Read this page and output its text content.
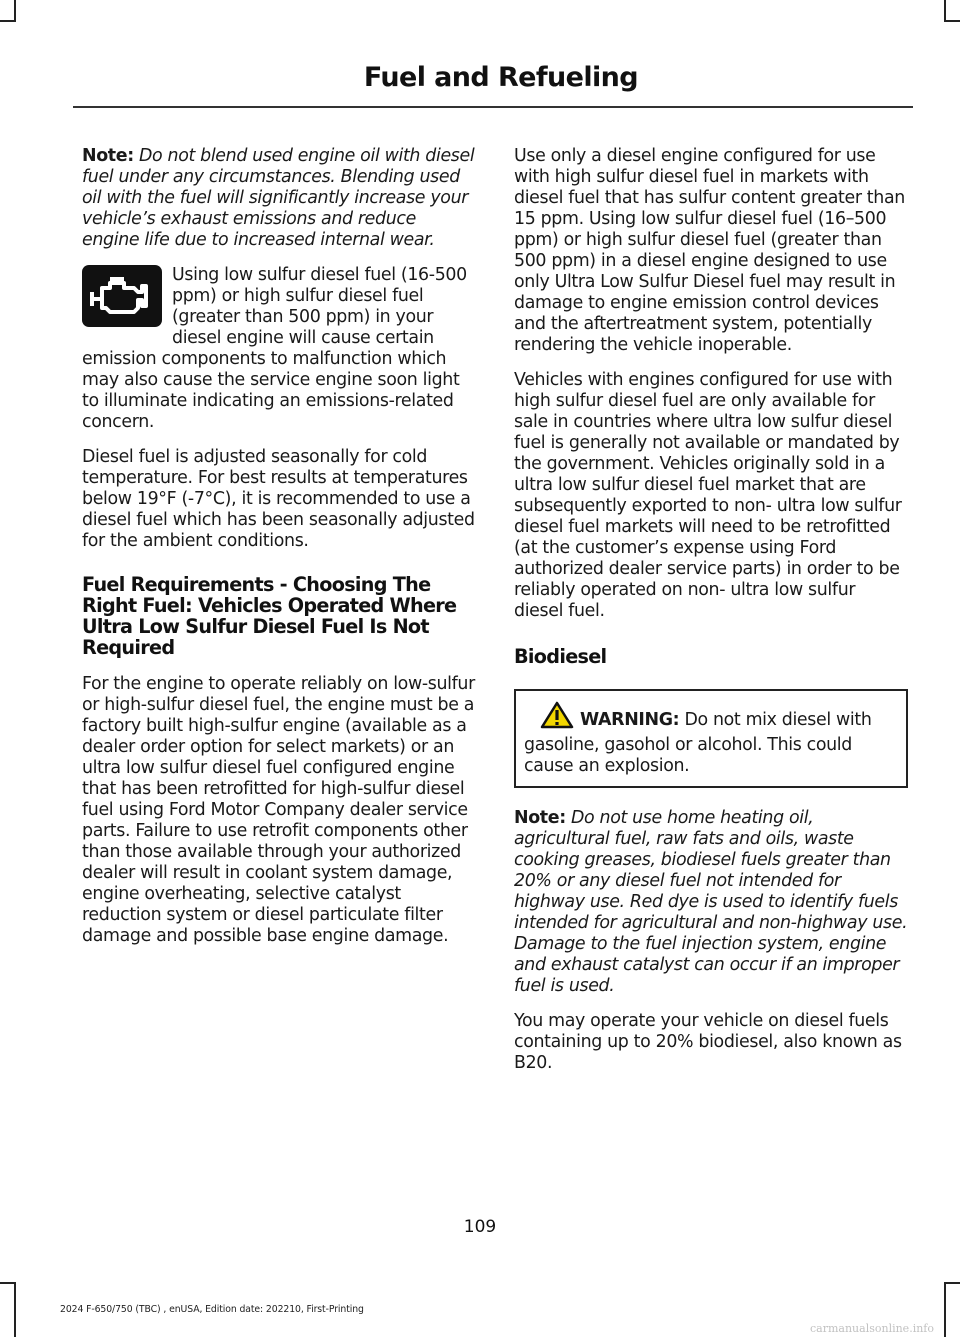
Fuel and Refueling

Note: Do not blend used engine oil with diesel fuel under any circumstances. Blending used oil with the fuel will significantly increase your vehicle’s exhaust emissions and reduce engine life due to increased internal wear.

Using low sulfur diesel fuel (16-500 ppm) or high sulfur diesel fuel (greater than 500 ppm) in your diesel engine will cause certain emission components to malfunction which may also cause the service engine soon light to illuminate indicating an emissions-related concern.

Diesel fuel is adjusted seasonally for cold temperature. For best results at temperatures below 19°F (-7°C), it is recommended to use a diesel fuel which has been seasonally adjusted for the ambient conditions.

Fuel Requirements - Choosing The Right Fuel: Vehicles Operated Where Ultra Low Sulfur Diesel Fuel Is Not Required

For the engine to operate reliably on low-sulfur or high-sulfur diesel fuel, the engine must be a factory built high-sulfur engine (available as a dealer order option for select markets) or an ultra low sulfur diesel fuel configured engine that has been retrofitted for high-sulfur diesel fuel using Ford Motor Company dealer service parts. Failure to use retrofit components other than those available through your authorized dealer will result in coolant system damage, engine overheating, selective catalyst reduction system or diesel particulate filter damage and possible base engine damage.

Use only a diesel engine configured for use with high sulfur diesel fuel in markets with diesel fuel that has sulfur content greater than 15 ppm. Using low sulfur diesel fuel (16–500 ppm) or high sulfur diesel fuel (greater than 500 ppm) in a diesel engine designed to use only Ultra Low Sulfur Diesel fuel may result in damage to engine emission control devices and the aftertreatment system, potentially rendering the vehicle inoperable.

Vehicles with engines configured for use with high sulfur diesel fuel are only available for sale in countries where ultra low sulfur diesel fuel is generally not available or mandated by the government. Vehicles originally sold in a ultra low sulfur diesel fuel market that are subsequently exported to non- ultra low sulfur diesel fuel markets will need to be retrofitted (at the customer’s expense using Ford authorized dealer service parts) in order to be reliably operated on non- ultra low sulfur diesel fuel.

Biodiesel

WARNING: Do not mix diesel with gasoline, gasohol or alcohol. This could cause an explosion.

Note: Do not use home heating oil, agricultural fuel, raw fats and oils, waste cooking greases, biodiesel fuels greater than 20% or any diesel fuel not intended for highway use. Red dye is used to identify fuels intended for agricultural and non-highway use. Damage to the fuel injection system, engine and exhaust catalyst can occur if an improper fuel is used.

You may operate your vehicle on diesel fuels containing up to 20% biodiesel, also known as B20.

109
2024 F-650/750 (TBC) , enUSA, Edition date: 202210, First-Printing
carmanualsonline.info
